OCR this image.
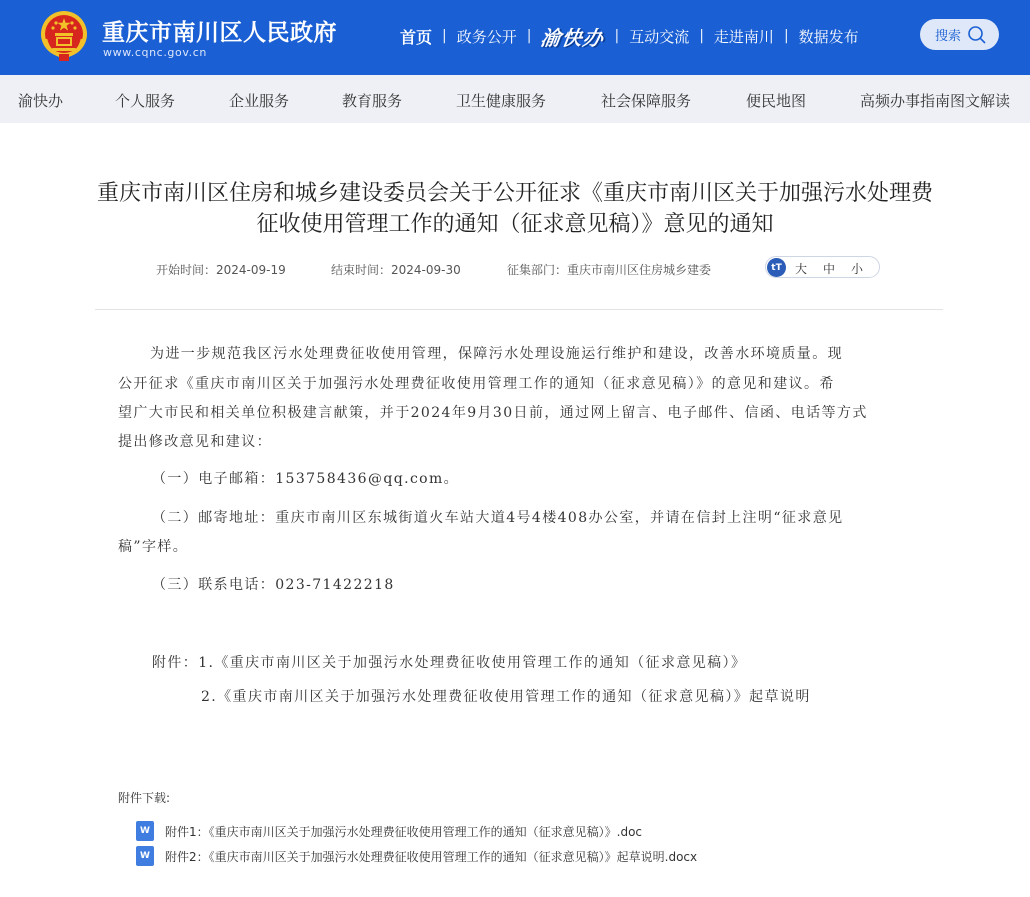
重庆市南川区人民政府
www.cqnc.gov.cn
首页 | 政务公开 | 渝快办 | 互动交流 | 走进南川 | 数据发布	搜索
渝快办	个人服务	企业服务	教育服务	卫生健康服务	社会保障服务	便民地图	高频办事指南图文解读
重庆市南川区住房和城乡建设委员会关于公开征求《重庆市南川区关于加强污水处理费
征收使用管理工作的通知（征求意见稿）》意见的通知
开始时间：2024-09-19	结束时间：2024-09-30	征集部门：重庆市南川区住房城乡建委	tT	大 中 小
为进一步规范我区污水处理费征收使用管理，保障污水处理设施运行维护和建设，改善水环境质量。现
公开征求《重庆市南川区关于加强污水处理费征收使用管理工作的通知（征求意见稿）》的意见和建议。希
望广大市民和相关单位积极建言献策，并于2024年9月30日前，通过网上留言、电子邮件、信函、电话等方式
提出修改意见和建议：
（一）电子邮箱：153758436@qq.com。
（二）邮寄地址：重庆市南川区东城街道火车站大道4号4楼408办公室，并请在信封上注明“征求意见
稿”字样。
（三）联系电话：023-71422218
附件：1.《重庆市南川区关于加强污水处理费征收使用管理工作的通知（征求意见稿）》
2.《重庆市南川区关于加强污水处理费征收使用管理工作的通知（征求意见稿）》起草说明
附件下载:
W	附件1：《重庆市南川区关于加强污水处理费征收使用管理工作的通知（征求意见稿）》.doc
W	附件2：《重庆市南川区关于加强污水处理费征收使用管理工作的通知（征求意见稿）》起草说明.docx
